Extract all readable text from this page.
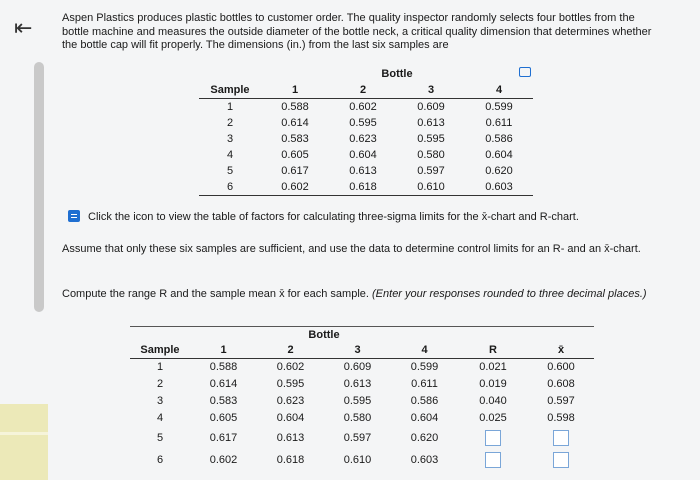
⇤	Aspen Plastics produces plastic bottles to customer order. The quality inspector randomly selects four bottles from the bottle machine and measures the outside diameter of the bottle neck, a critical quality dimension that determines whether the bottle cap will fit properly. The dimensions (in.) from the last six samples are

	Bottle			
Sample	1	2	3	4
1	0.588	0.602	0.609	0.599
2	0.614	0.595	0.613	0.611
3	0.583	0.623	0.595	0.586
4	0.605	0.604	0.580	0.604
5	0.617	0.613	0.597	0.620
6	0.602	0.618	0.610	0.603
Click the icon to view the table of factors for calculating three-sigma limits for the x̄-chart and R-chart.
Assume that only these six samples are sufficient, and use the data to determine control limits for an R- and an x̄-chart.
Compute the range R and the sample mean x̄ for each sample. (Enter your responses rounded to three decimal places.)
	Bottle					
Sample	1	2	3	4	R	x̄
1	0.588	0.602	0.609	0.599	0.021	0.600
2	0.614	0.595	0.613	0.611	0.019	0.608
3	0.583	0.623	0.595	0.586	0.040	0.597
4	0.605	0.604	0.580	0.604	0.025	0.598
5	0.617	0.613	0.597	0.620		
6	0.602	0.618	0.610	0.603		
